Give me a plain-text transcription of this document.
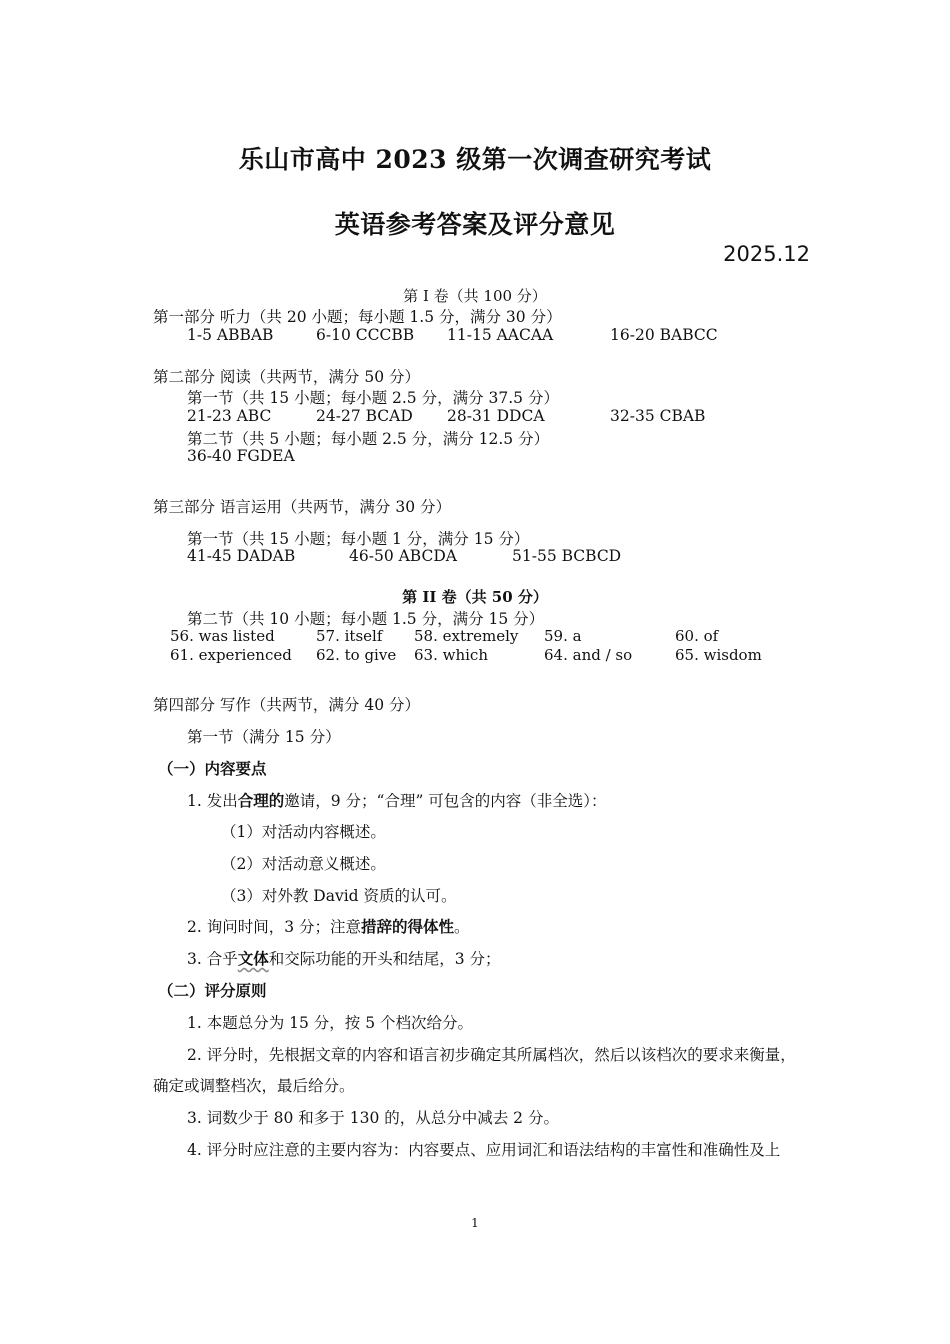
乐山市高中 2023 级第一次调查研究考试
英语参考答案及评分意见
2025.12
第 I 卷（共 100 分）
第一部分 听力（共 20 小题；每小题 1.5 分，满分 30 分）
1-5 ABBAB	6-10 CCCBB 11-15 AACAA	16-20 BABCC
第二部分 阅读（共两节，满分 50 分）
第一节（共 15 小题；每小题 2.5 分，满分 37.5 分）
21-23 ABC	24-27 BCAD 28-31 DDCA	32-35 CBAB
第二节（共 5 小题；每小题 2.5 分，满分 12.5 分）
36-40 FGDEA
第三部分 语言运用（共两节，满分 30 分）
第一节（共 15 小题；每小题 1 分，满分 15 分）
41-45 DADAB	46-50 ABCDA	51-55 BCBCD
第 II 卷（共 50 分）
第二节（共 10 小题；每小题 1.5 分，满分 15 分）
56. was listed	57. itself 58. extremely 59. a	60. of
61. experienced 62. to give 63. which	64. and / so	65. wisdom
第四部分 写作（共两节，满分 40 分）
第一节（满分 15 分）
（一）内容要点
1. 发出合理的邀请，9 分；“合理” 可包含的内容（非全选）：
（1）对活动内容概述。
（2）对活动意义概述。
（3）对外教 David 资质的认可。
2. 询问时间，3 分；注意措辞的得体性。
3. 合乎文体和交际功能的开头和结尾，3 分；
（二）评分原则
1. 本题总分为 15 分，按 5 个档次给分。
2. 评分时，先根据文章的内容和语言初步确定其所属档次，然后以该档次的要求来衡量，
确定或调整档次，最后给分。
3. 词数少于 80 和多于 130 的，从总分中减去 2 分。
4. 评分时应注意的主要内容为：内容要点、应用词汇和语法结构的丰富性和准确性及上
1
